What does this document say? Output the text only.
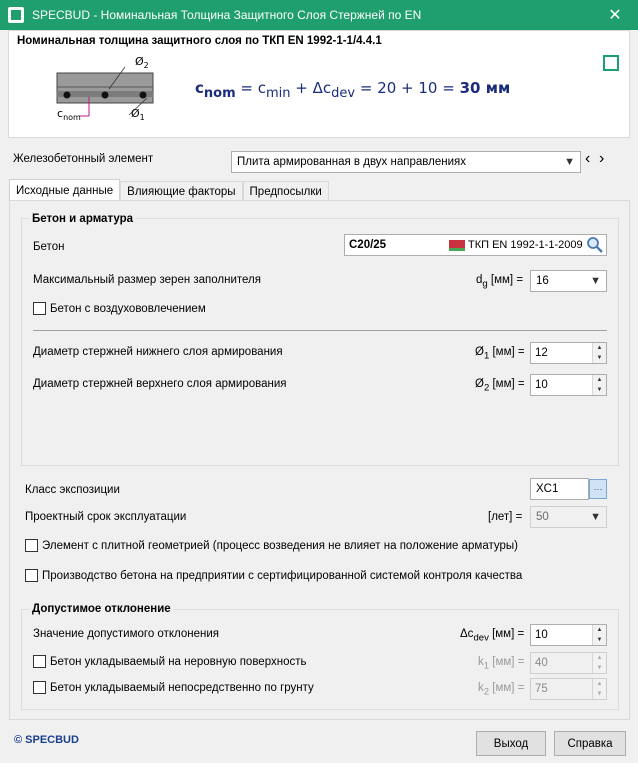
SPECBUD - Номинальная Толщина Защитного Слоя Стержней по EN	✕
Номинальная толщина защитного слоя по ТКП EN 1992-1-1/4.4.1
$Ø_2$
$c_{nom}$	$Ø_1$
$c_{nom} = c_{min} + \Delta c_{dev} = 20 + 10 = 30$ мм
Железобетонный элемент	Плита армированная в двух направлениях	▼ ‹ ›
Исходные данные	Влияющие факторы	Предпосылки
Бетон и арматура
Бетон	C20/25	ТКП EN 1992-1-1-2009
Максимальный размер зерен заполнителя	$d_g$ [мм] = 16	▼
Бетон с воздухововлечением
Диаметр стержней нижнего слоя армирования	$Ø_1$ [мм] = 12	▲
▼
Диаметр стержней верхнего слоя армирования	$Ø_2$ [мм] = 10	▲
▼
Класс экспозиции	XC1	···
Проектный срок эксплуатации	[лет] = 50	▼
Элемент с плитной геометрией (процесс возведения не влияет на положение арматуры)
Производство бетона на предприятии с сертифицированной системой контроля качества
Допустимое отклонение
Значение допустимого отклонения	$\Delta c_{dev}$ [мм] = 10	▲
▼
Бетон укладываемый на неровную поверхность	$k_1$ [мм] = 40	▲
▼
Бетон укладываемый непосредственно по грунту	$k_2$ [мм] = 75	▲
▼
© SPECBUD	Выход	Справка
